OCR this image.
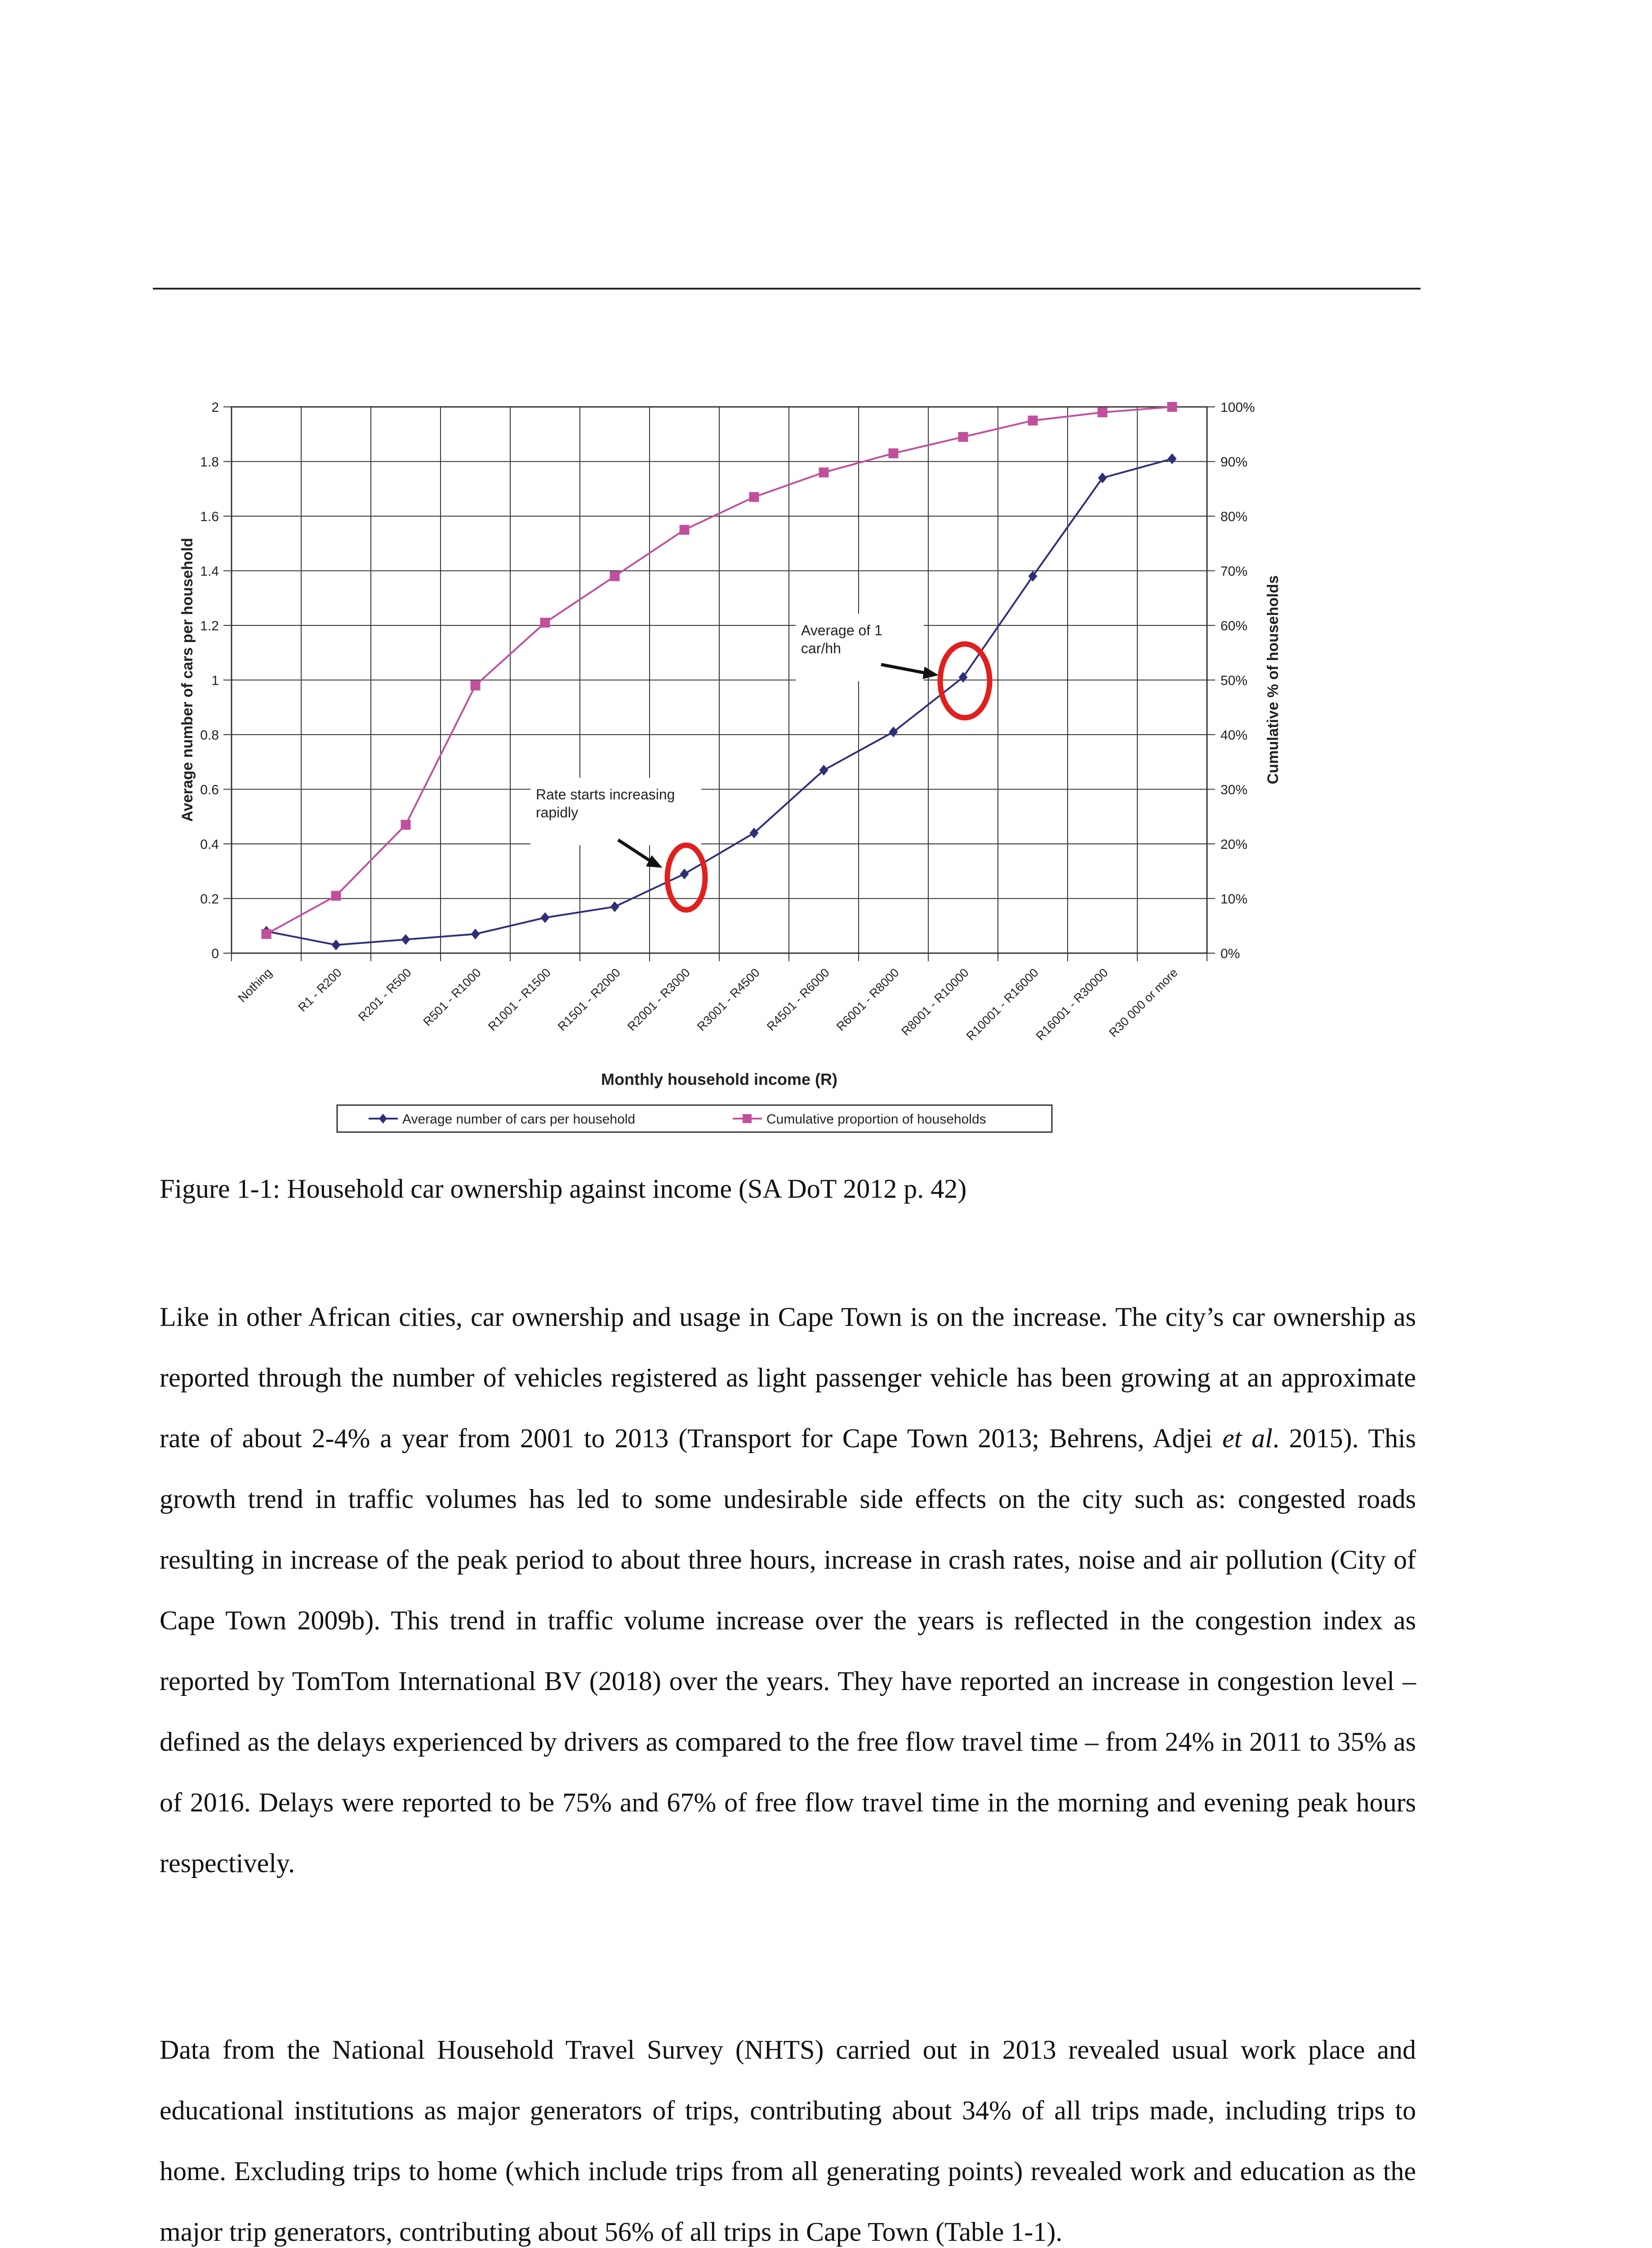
0
0.2
0.4
0.6
0.8
1
1.2
1.4
1.6
1.8
2
0%
10%
20%
30%
40%
50%
60%
70%
80%
90%
100%
Nothing R1 - R200 R201 - R500 R501 - R1000 R1001 - R1500 R1501 - R2000 R2001 - R3000 R3001 - R4500 R4501 - R6000 R6001 - R8000
R8001 - R10000
R10001 - R16000
R16001 - R30000
R30 000 or more
Average number of cars per household	Cumulative % of households
Monthly household income (R)
Rate starts increasing
rapidly
Average of 1
car/hh
Average number of cars per household	Cumulative proportion of households
Figure 1-1: Household car ownership against income (SA DoT 2012 p. 42)

Like in other African cities, car ownership and usage in Cape Town is on the increase. The city’s car ownership as reported through the number of vehicles registered as light passenger vehicle has been growing at an approximate rate of about 2-4% a year from 2001 to 2013 (Transport for Cape Town 2013; Behrens, Adjei et al. 2015). This growth trend in traffic volumes has led to some undesirable side effects on the city such as: congested roads resulting in increase of the peak period to about three hours, increase in crash rates, noise and air pollution (City of Cape Town 2009b). This trend in traffic volume increase over the years is reflected in the congestion index as reported by TomTom International BV (2018) over the years. They have reported an increase in congestion level – defined as the delays experienced by drivers as compared to the free flow travel time – from 24% in 2011 to 35% as of 2016. Delays were reported to be 75% and 67% of free flow travel time in the morning and evening peak hours respectively.

Data from the National Household Travel Survey (NHTS) carried out in 2013 revealed usual work place and educational institutions as major generators of trips, contributing about 34% of all trips made, including trips to home. Excluding trips to home (which include trips from all generating points) revealed work and education as the major trip generators, contributing about 56% of all trips in Cape Town (Table 1-1).
